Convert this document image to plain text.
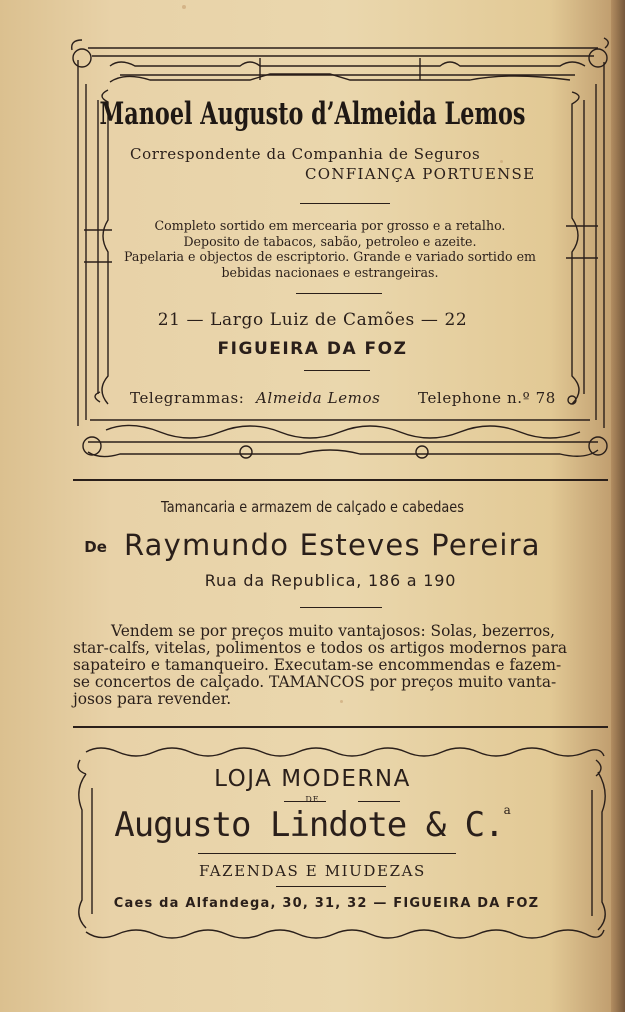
Manoel Augusto d’Almeida Lemos
Correspondente da Companhia de Seguros
CONFIANÇA PORTUENSE
Completo sortido em mercearia por grosso e a retalho.
Deposito de tabacos, sabão, petroleo e azeite.
Papelaria e objectos de escriptorio. Grande e variado sortido em
bebidas nacionaes e estrangeiras.
21 — Largo Luiz de Camões — 22
FIGUEIRA DA FOZ
Telegrammas: Almeida Lemos	Telephone n.º 78
Tamancaria e armazem de calçado e cabedaes
De Raymundo Esteves Pereira
Rua da Republica, 186 a 190
Vendem se por preços muito vantajosos: Solas, bezerros,
star-calfs, vitelas, polimentos e todos os artigos modernos para
sapateiro e tamanqueiro. Executam-se encommendas e fazem-
se concertos de calçado. TAMANCOS por preços muito vanta-
josos para revender.
LOJA MODERNA
DE
Augusto Lindote & C.$^a$
FAZENDAS E MIUDEZAS
Caes da Alfandega, 30, 31, 32 — FIGUEIRA DA FOZ
